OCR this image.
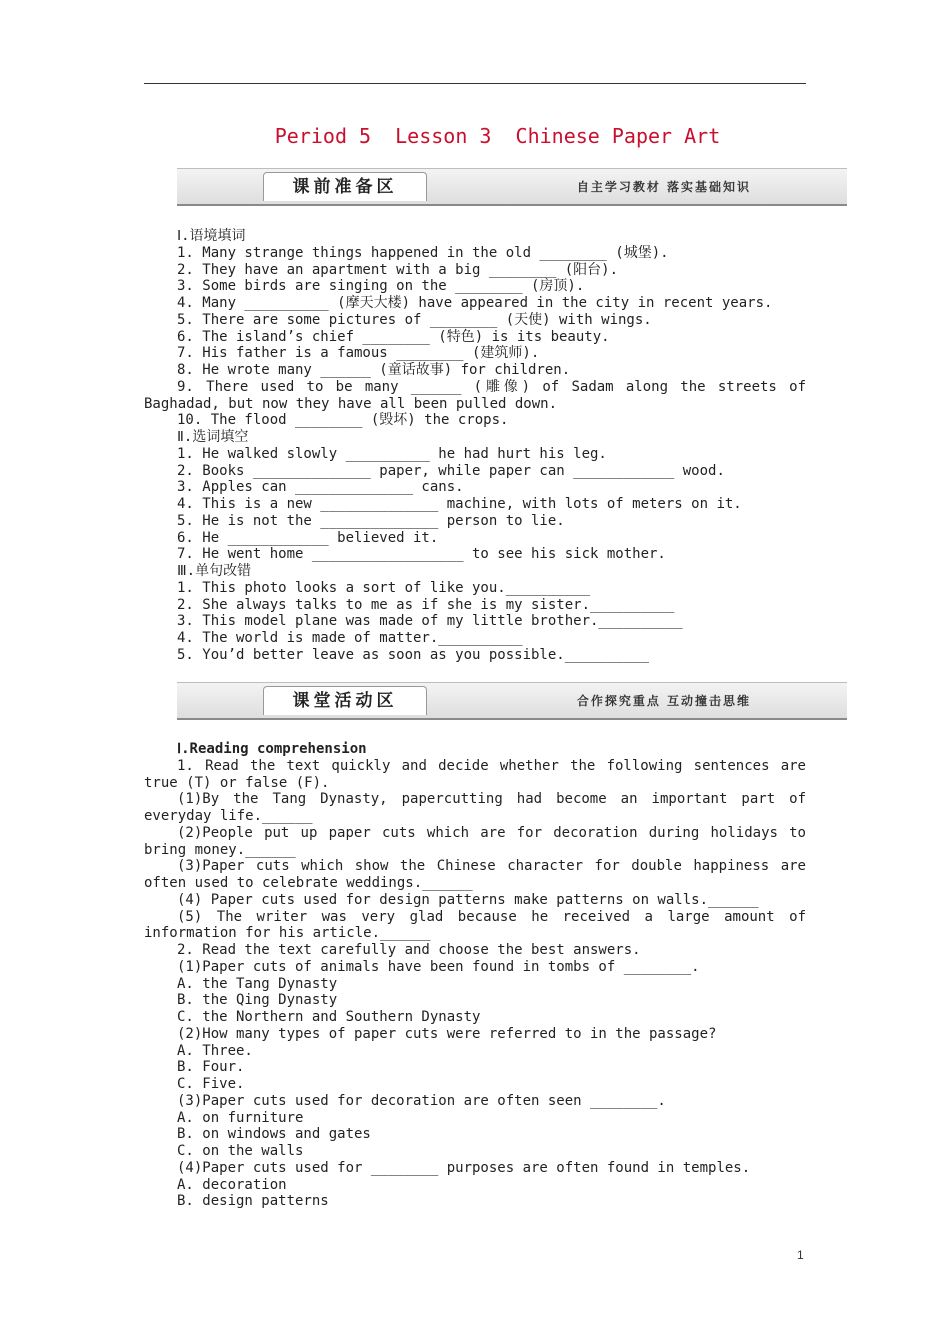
Period 5  Lesson 3  Chinese Paper Art
课前准备区	自主学习教材 落实基础知识
课堂活动区	合作探究重点 互动撞击思维
Ⅰ.语境填词
1. Many strange things happened in the old ________ (城堡).
2. They have an apartment with a big ________ (阳台).
3. Some birds are singing on the ________ (房顶).
4. Many __________ (摩天大楼) have appeared in the city in recent years.
5. There are some pictures of ________ (天使) with wings.
6. The island’s chief ________ (特色) is its beauty.
7. His father is a famous ________ (建筑师).
8. He wrote many ______ (童话故事) for children.
9. There used to be many ______ (雕像) of Sadam along the streets of
Baghadad, but now they have all been pulled down.
10. The flood ________ (毁坏) the crops.
Ⅱ.选词填空
1. He walked slowly __________ he had hurt his leg.
2. Books ______________ paper, while paper can ____________ wood.
3. Apples can ______________ cans.
4. This is a new ______________ machine, with lots of meters on it.
5. He is not the ______________ person to lie.
6. He ____________ believed it.
7. He went home __________________ to see his sick mother.
Ⅲ.单句改错
1. This photo looks a sort of like you.__________
2. She always talks to me as if she is my sister.__________
3. This model plane was made of my little brother.__________
4. The world is made of matter.__________
5. You’d better leave as soon as you possible.__________
Ⅰ.Reading comprehension
1. Read the text quickly and decide whether the following sentences are
true (T) or false (F).
(1)By the Tang Dynasty, papercutting had become an important part of
everyday life.______
(2)People put up paper cuts which are for decoration during holidays to
bring money.______
(3)Paper cuts which show the Chinese character for double happiness are
often used to celebrate weddings.______
(4) Paper cuts used for design patterns make patterns on walls.______
(5) The writer was very glad because he received a large amount of
information for his article.______
2. Read the text carefully and choose the best answers.
(1)Paper cuts of animals have been found in tombs of ________.
A. the Tang Dynasty
B. the Qing Dynasty
C. the Northern and Southern Dynasty
(2)How many types of paper cuts were referred to in the passage?
A. Three.
B. Four.
C. Five.
(3)Paper cuts used for decoration are often seen ________.
A. on furniture
B. on windows and gates
C. on the walls
(4)Paper cuts used for ________ purposes are often found in temples.
A. decoration
B. design patterns
1
